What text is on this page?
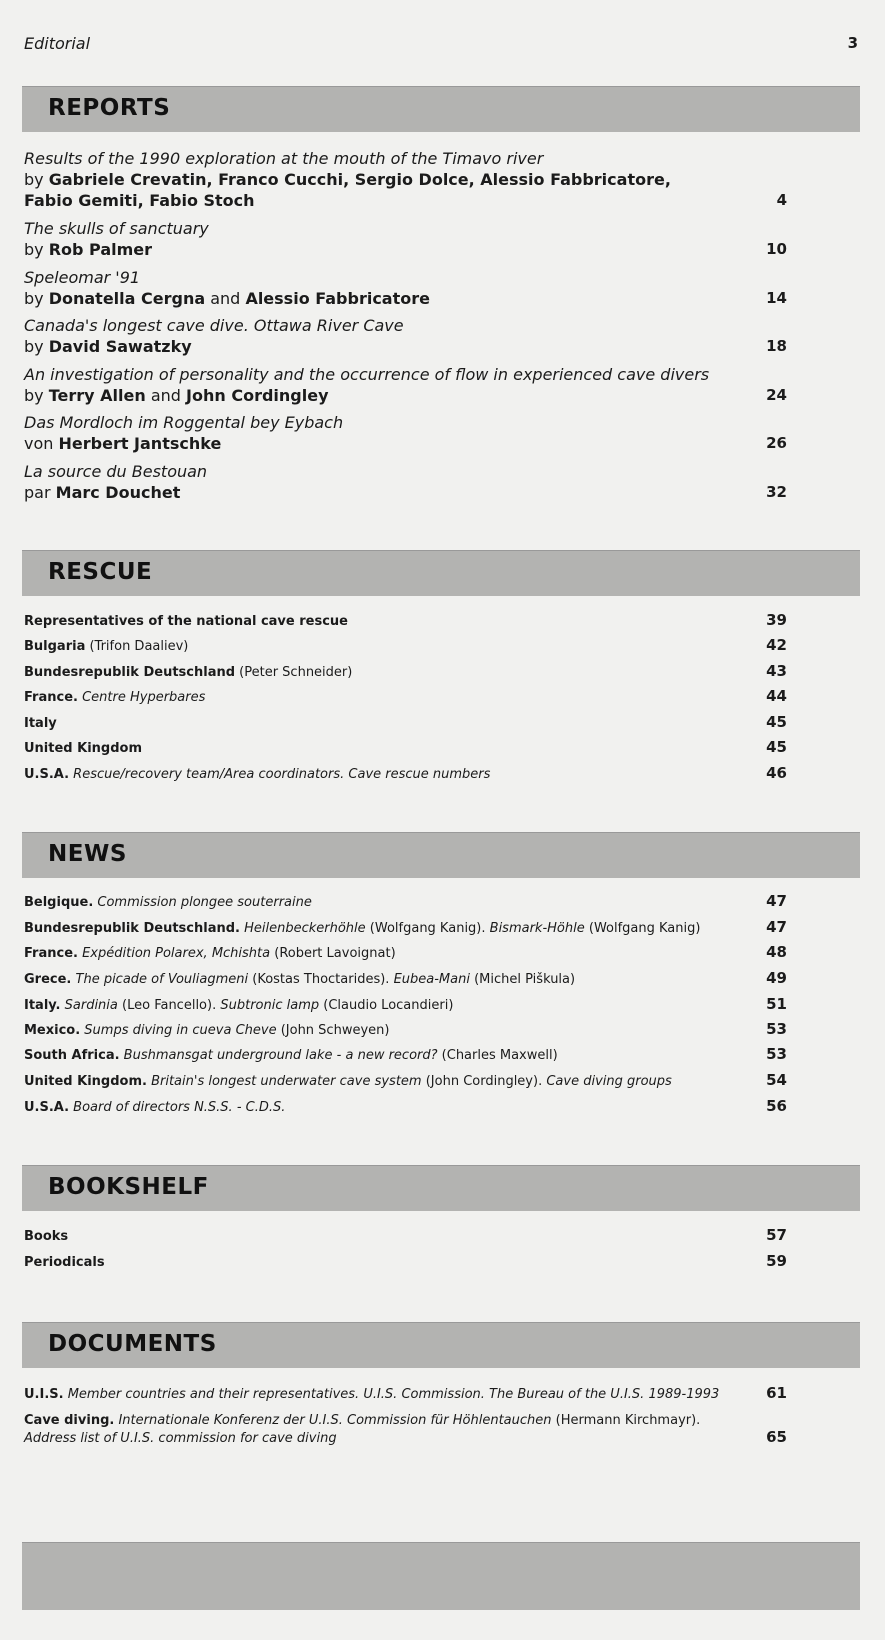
Editorial	3
REPORTS
Results of the 1990 exploration at the mouth of the Timavo river
by Gabriele Crevatin, Franco Cucchi, Sergio Dolce, Alessio Fabbricatore,
Fabio Gemiti, Fabio Stoch	4
The skulls of sanctuary
by Rob Palmer	10
Speleomar '91
by Donatella Cergna and Alessio Fabbricatore	14
Canada's longest cave dive. Ottawa River Cave
by David Sawatzky	18
An investigation of personality and the occurrence of flow in experienced cave divers
by Terry Allen and John Cordingley	24
Das Mordloch im Roggental bey Eybach
von Herbert Jantschke	26
La source du Bestouan
par Marc Douchet	32
RESCUE
Representatives of the national cave rescue	39
Bulgaria (Trifon Daaliev)	42
Bundesrepublik Deutschland (Peter Schneider)	43
France. Centre Hyperbares	44
Italy	45
United Kingdom	45
U.S.A. Rescue/recovery team/Area coordinators. Cave rescue numbers	46
NEWS
Belgique. Commission plongee souterraine	47
Bundesrepublik Deutschland. Heilenbeckerhöhle (Wolfgang Kanig). Bismark-Höhle (Wolfgang Kanig)	47
France. Expédition Polarex, Mchishta (Robert Lavoignat)	48
Grece. The picade of Vouliagmeni (Kostas Thoctarides). Eubea-Mani (Michel Piškula)	49
Italy. Sardinia (Leo Fancello). Subtronic lamp (Claudio Locandieri)	51
Mexico. Sumps diving in cueva Cheve (John Schweyen)	53
South Africa. Bushmansgat underground lake - a new record? (Charles Maxwell)	53
United Kingdom. Britain's longest underwater cave system (John Cordingley). Cave diving groups	54
U.S.A. Board of directors N.S.S. - C.D.S.	56
BOOKSHELF
Books	57
Periodicals	59
DOCUMENTS
U.I.S. Member countries and their representatives. U.I.S. Commission. The Bureau of the U.I.S. 1989-1993	61
Cave diving. Internationale Konferenz der U.I.S. Commission für Höhlentauchen (Hermann Kirchmayr).
Address list of U.I.S. commission for cave diving	65
